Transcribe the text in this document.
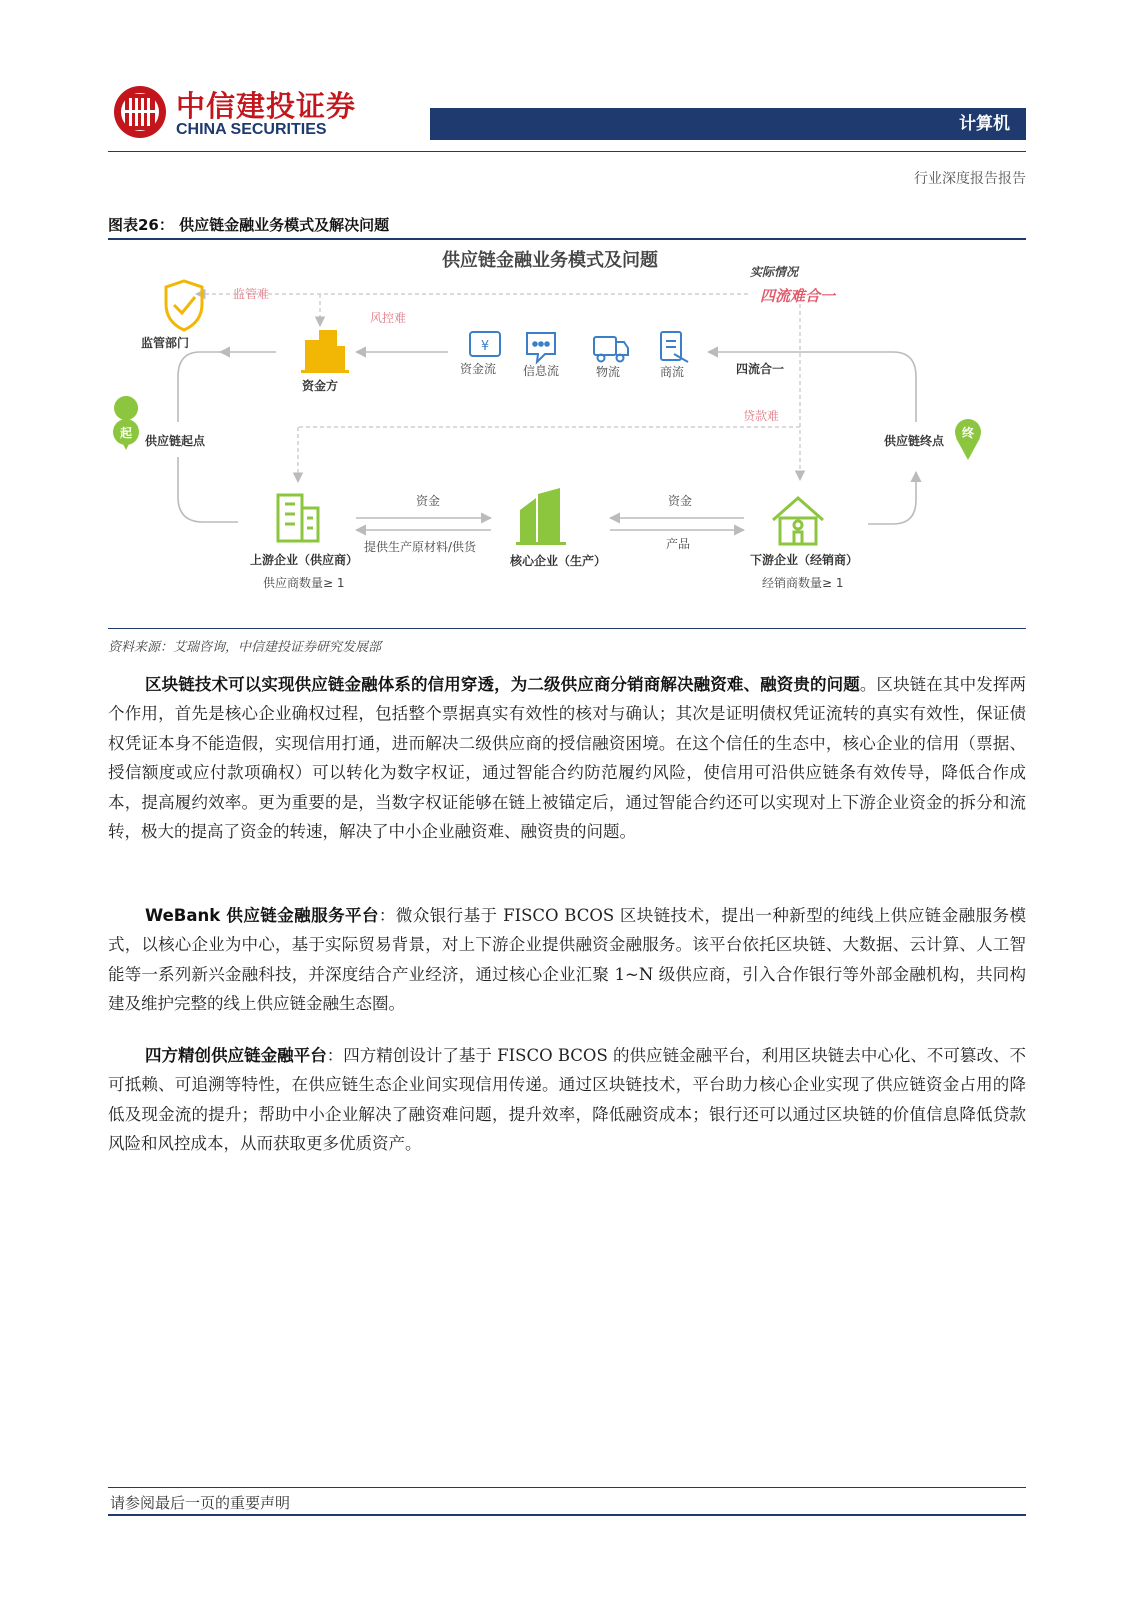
中信建投证券
CHINA SECURITIES	计算机
行业深度报告报告
图表26： 供应链金融业务模式及解决问题
供应链金融业务模式及问题
实际情况
四流难合一
监管难
风控难
贷款难
监管部门
资金方
¥
资金流 信息流	物流	商流	四流合一
起
供应链起点
终
供应链终点
上游企业（供应商）
供应商数量≥ 1
核心企业（生产）	下游企业（经销商）
经销商数量≥ 1
资金
提供生产原材料/供货
资金
产品
资料来源：艾瑞咨询，中信建投证券研究发展部

区块链技术可以实现供应链金融体系的信用穿透，为二级供应商分销商解决融资难、融资贵的问题。区块链在其中发挥两个作用，首先是核心企业确权过程，包括整个票据真实有效性的核对与确认；其次是证明债权凭证流转的真实有效性，保证债权凭证本身不能造假，实现信用打通，进而解决二级供应商的授信融资困境。在这个信任的生态中，核心企业的信用（票据、授信额度或应付款项确权）可以转化为数字权证，通过智能合约防范履约风险，使信用可沿供应链条有效传导，降低合作成本，提高履约效率。更为重要的是，当数字权证能够在链上被锚定后，通过智能合约还可以实现对上下游企业资金的拆分和流转，极大的提高了资金的转速，解决了中小企业融资难、融资贵的问题。

WeBank 供应链金融服务平台：微众银行基于 FISCO BCOS 区块链技术，提出一种新型的纯线上供应链金融服务模式，以核心企业为中心，基于实际贸易背景，对上下游企业提供融资金融服务。该平台依托区块链、大数据、云计算、人工智能等一系列新兴金融科技，并深度结合产业经济，通过核心企业汇聚 1~N 级供应商，引入合作银行等外部金融机构，共同构建及维护完整的线上供应链金融生态圈。

四方精创供应链金融平台：四方精创设计了基于 FISCO BCOS 的供应链金融平台，利用区块链去中心化、不可篡改、不可抵赖、可追溯等特性，在供应链生态企业间实现信用传递。通过区块链技术，平台助力核心企业实现了供应链资金占用的降低及现金流的提升；帮助中小企业解决了融资难问题，提升效率，降低融资成本；银行还可以通过区块链的价值信息降低贷款风险和风控成本，从而获取更多优质资产。

请参阅最后一页的重要声明
